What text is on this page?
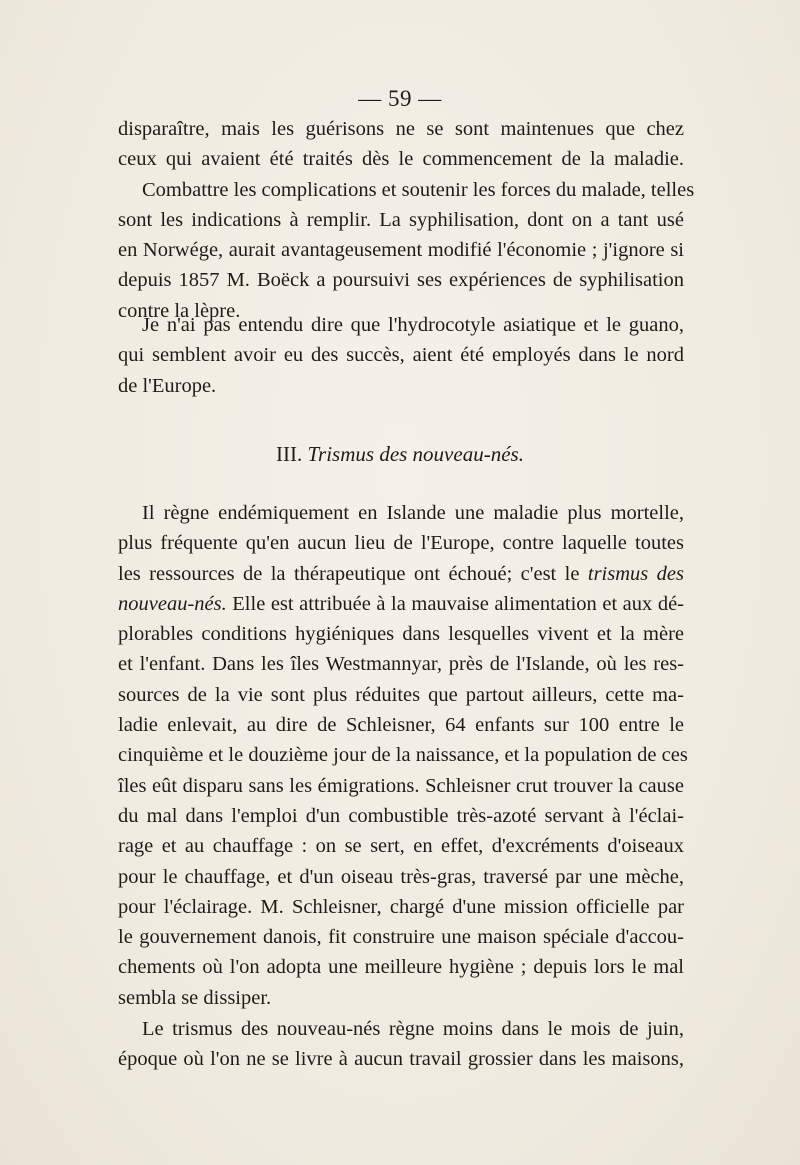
— 59 —
disparaître, mais les guérisons ne se sont maintenues que chez
ceux qui avaient été traités dès le commencement de la maladie.
Combattre les complications et soutenir les forces du malade, telles
sont les indications à remplir. La syphilisation, dont on a tant usé
en Norwége, aurait avantageusement modifié l'économie ; j'ignore si
depuis 1857 M. Boëck a poursuivi ses expériences de syphilisation
contre la lèpre.
Je n'ai pas entendu dire que l'hydrocotyle asiatique et le guano,
qui semblent avoir eu des succès, aient été employés dans le nord
de l'Europe.
III. Trismus des nouveau-nés.
Il règne endémiquement en Islande une maladie plus mortelle,
plus fréquente qu'en aucun lieu de l'Europe, contre laquelle toutes
les ressources de la thérapeutique ont échoué; c'est le trismus des
nouveau-nés. Elle est attribuée à la mauvaise alimentation et aux dé-
plorables conditions hygiéniques dans lesquelles vivent et la mère
et l'enfant. Dans les îles Westmannyar, près de l'Islande, où les res-
sources de la vie sont plus réduites que partout ailleurs, cette ma-
ladie enlevait, au dire de Schleisner, 64 enfants sur 100 entre le
cinquième et le douzième jour de la naissance, et la population de ces
îles eût disparu sans les émigrations. Schleisner crut trouver la cause
du mal dans l'emploi d'un combustible très-azoté servant à l'éclai-
rage et au chauffage : on se sert, en effet, d'excréments d'oiseaux
pour le chauffage, et d'un oiseau très-gras, traversé par une mèche,
pour l'éclairage. M. Schleisner, chargé d'une mission officielle par
le gouvernement danois, fit construire une maison spéciale d'accou-
chements où l'on adopta une meilleure hygiène ; depuis lors le mal
sembla se dissiper.
Le trismus des nouveau-nés règne moins dans le mois de juin,
époque où l'on ne se livre à aucun travail grossier dans les maisons,
